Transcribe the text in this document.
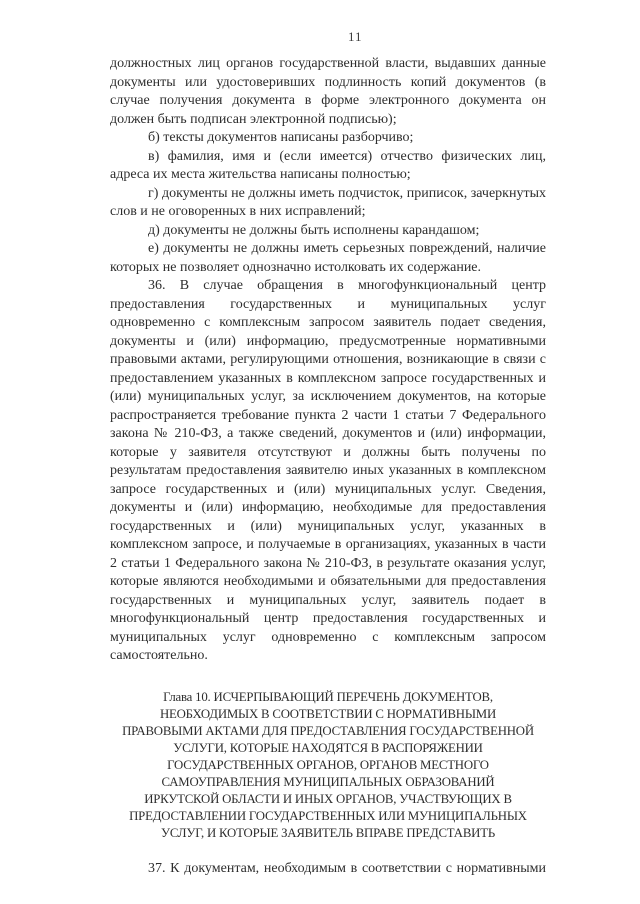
11

должностных лиц органов государственной власти, выдавших данные документы или удостоверивших подлинность копий документов (в случае получения документа в форме электронного документа он должен быть подписан электронной подписью);

б) тексты документов написаны разборчиво;

в) фамилия, имя и (если имеется) отчество физических лиц, адреса их места жительства написаны полностью;

г) документы не должны иметь подчисток, приписок, зачеркнутых слов и не оговоренных в них исправлений;

д) документы не должны быть исполнены карандашом;

е) документы не должны иметь серьезных повреждений, наличие которых не позволяет однозначно истолковать их содержание.

36. В случае обращения в многофункциональный центр предоставления государственных и муниципальных услуг одновременно с комплексным запросом заявитель подает сведения, документы и (или) информацию, предусмотренные нормативными правовыми актами, регулирующими отношения, возникающие в связи с предоставлением указанных в комплексном запросе государственных и (или) муниципальных услуг, за исключением документов, на которые распространяется требование пункта 2 части 1 статьи 7 Федерального закона № 210-ФЗ, а также сведений, документов и (или) информации, которые у заявителя отсутствуют и должны быть получены по результатам предоставления заявителю иных указанных в комплексном запросе государственных и (или) муниципальных услуг. Сведения, документы и (или) информацию, необходимые для предоставления государственных и (или) муниципальных услуг, указанных в комплексном запросе, и получаемые в организациях, указанных в части 2 статьи 1 Федерального закона № 210-ФЗ, в результате оказания услуг, которые являются необходимыми и обязательными для предоставления государственных и муниципальных услуг, заявитель подает в многофункциональный центр предоставления государственных и муниципальных услуг одновременно с комплексным запросом самостоятельно.

Глава 10. ИСЧЕРПЫВАЮЩИЙ ПЕРЕЧЕНЬ ДОКУМЕНТОВ,
НЕОБХОДИМЫХ В СООТВЕТСТВИИ С НОРМАТИВНЫМИ
ПРАВОВЫМИ АКТАМИ ДЛЯ ПРЕДОСТАВЛЕНИЯ ГОСУДАРСТВЕННОЙ
УСЛУГИ, КОТОРЫЕ НАХОДЯТСЯ В РАСПОРЯЖЕНИИ
ГОСУДАРСТВЕННЫХ ОРГАНОВ, ОРГАНОВ МЕСТНОГО
САМОУПРАВЛЕНИЯ МУНИЦИПАЛЬНЫХ ОБРАЗОВАНИЙ
ИРКУТСКОЙ ОБЛАСТИ И ИНЫХ ОРГАНОВ, УЧАСТВУЮЩИХ В
ПРЕДОСТАВЛЕНИИ ГОСУДАРСТВЕННЫХ ИЛИ МУНИЦИПАЛЬНЫХ
УСЛУГ, И КОТОРЫЕ ЗАЯВИТЕЛЬ ВПРАВЕ ПРЕДСТАВИТЬ

37. К документам, необходимым в соответствии с нормативными
